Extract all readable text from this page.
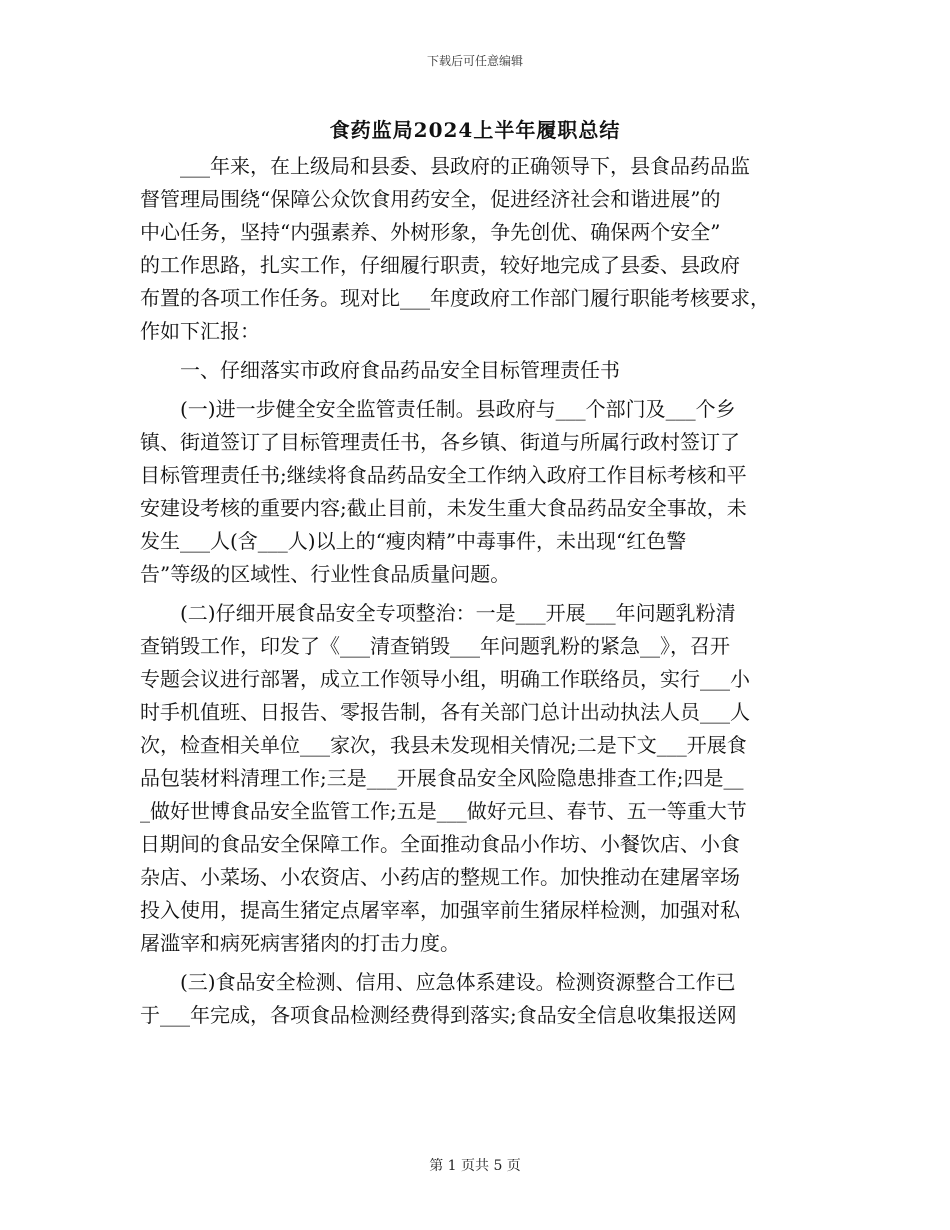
下载后可任意编辑
食药监局2024上半年履职总结
　　___年来，在上级局和县委、县政府的正确领导下，县食品药品监
督管理局围绕“保障公众饮食用药安全，促进经济社会和谐进展”的
中心任务，坚持“内强素养、外树形象，争先创优、确保两个安全”
的工作思路，扎实工作，仔细履行职责，较好地完成了县委、县政府
布置的各项工作任务。现对比___年度政府工作部门履行职能考核要求，
作如下汇报：
　　一、仔细落实市政府食品药品安全目标管理责任书
　　(一)进一步健全安全监管责任制。县政府与___个部门及___个乡
镇、街道签订了目标管理责任书，各乡镇、街道与所属行政村签订了
目标管理责任书;继续将食品药品安全工作纳入政府工作目标考核和平
安建设考核的重要内容;截止目前，未发生重大食品药品安全事故，未
发生___人(含___人)以上的“瘦肉精”中毒事件，未出现“红色警
告”等级的区域性、行业性食品质量问题。
　　(二)仔细开展食品安全专项整治：一是___开展___年问题乳粉清
查销毁工作，印发了《___清查销毁___年问题乳粉的紧急__》，召开
专题会议进行部署，成立工作领导小组，明确工作联络员，实行___小
时手机值班、日报告、零报告制，各有关部门总计出动执法人员___人
次，检查相关单位___家次，我县未发现相关情况;二是下文___开展食
品包装材料清理工作;三是___开展食品安全风险隐患排查工作;四是__
_做好世博食品安全监管工作;五是___做好元旦、春节、五一等重大节
日期间的食品安全保障工作。全面推动食品小作坊、小餐饮店、小食
杂店、小菜场、小农资店、小药店的整规工作。加快推动在建屠宰场
投入使用，提高生猪定点屠宰率，加强宰前生猪尿样检测，加强对私
屠滥宰和病死病害猪肉的打击力度。
　　(三)食品安全检测、信用、应急体系建设。检测资源整合工作已
于___年完成，各项食品检测经费得到落实;食品安全信息收集报送网
第 1 页共 5 页
